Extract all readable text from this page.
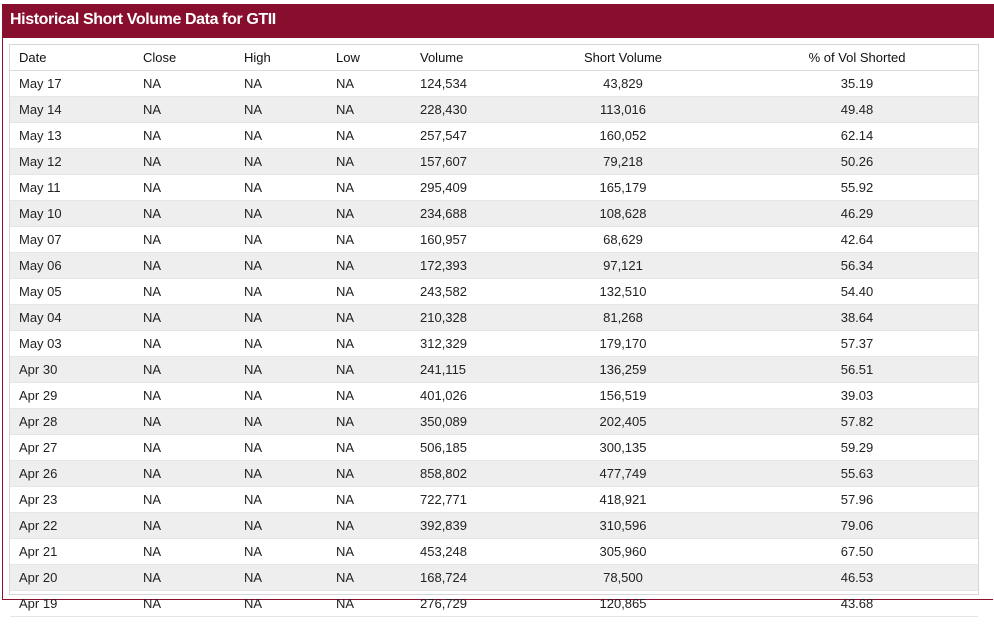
Historical Short Volume Data for GTII
Date	Close	High	Low	Volume	Short Volume	% of Vol Shorted
May 17	NA	NA	NA	124,534	43,829	35.19
May 14	NA	NA	NA	228,430	113,016	49.48
May 13	NA	NA	NA	257,547	160,052	62.14
May 12	NA	NA	NA	157,607	79,218	50.26
May 11	NA	NA	NA	295,409	165,179	55.92
May 10	NA	NA	NA	234,688	108,628	46.29
May 07	NA	NA	NA	160,957	68,629	42.64
May 06	NA	NA	NA	172,393	97,121	56.34
May 05	NA	NA	NA	243,582	132,510	54.40
May 04	NA	NA	NA	210,328	81,268	38.64
May 03	NA	NA	NA	312,329	179,170	57.37
Apr 30	NA	NA	NA	241,115	136,259	56.51
Apr 29	NA	NA	NA	401,026	156,519	39.03
Apr 28	NA	NA	NA	350,089	202,405	57.82
Apr 27	NA	NA	NA	506,185	300,135	59.29
Apr 26	NA	NA	NA	858,802	477,749	55.63
Apr 23	NA	NA	NA	722,771	418,921	57.96
Apr 22	NA	NA	NA	392,839	310,596	79.06
Apr 21	NA	NA	NA	453,248	305,960	67.50
Apr 20	NA	NA	NA	168,724	78,500	46.53
Apr 19	NA	NA	NA	276,729	120,865	43.68
